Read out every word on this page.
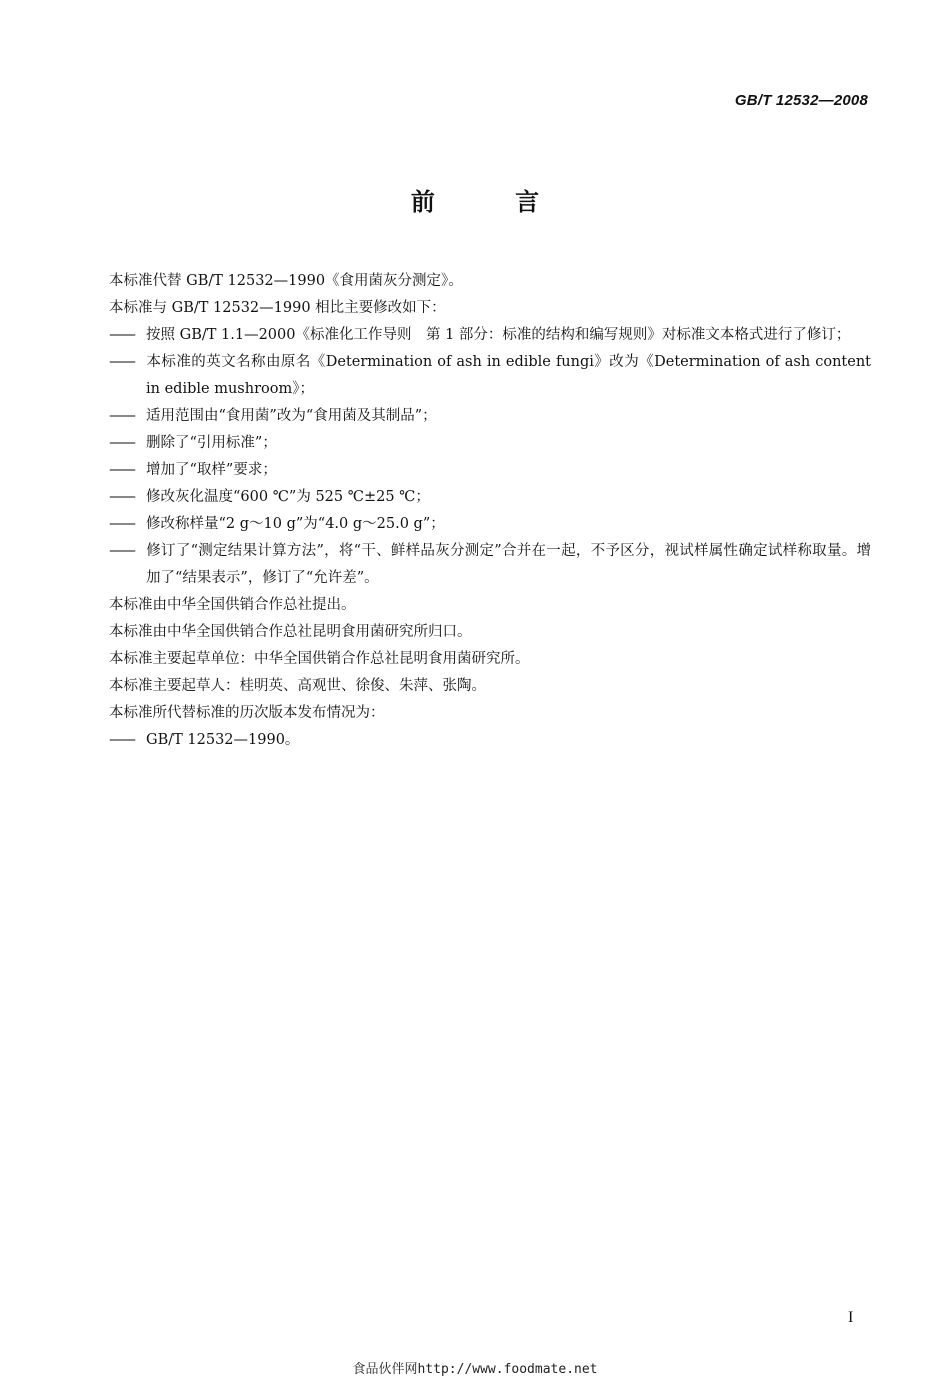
GB/T 12532—2008
前 言

本标准代替 GB/T 12532—1990《食用菌灰分测定》。

本标准与 GB/T 12532—1990 相比主要修改如下：

—— 按照 GB/T 1.1—2000《标准化工作导则　第 1 部分：标准的结构和编写规则》对标准文本格式进行了修订；

—— 本标准的英文名称由原名《Determination of ash in edible fungi》改为《Determination of ash content in edible mushroom》；

—— 适用范围由“食用菌”改为“食用菌及其制品”；

—— 删除了“引用标准”；

—— 增加了“取样”要求；

—— 修改灰化温度“600 ℃”为 525 ℃±25 ℃；

—— 修改称样量“2 g～10 g”为“4.0 g～25.0 g”；

—— 修订了“测定结果计算方法”，将“干、鲜样品灰分测定”合并在一起，不予区分，视试样属性确定试样称取量。增加了“结果表示”，修订了“允许差”。

本标准由中华全国供销合作总社提出。

本标准由中华全国供销合作总社昆明食用菌研究所归口。

本标准主要起草单位：中华全国供销合作总社昆明食用菌研究所。

本标准主要起草人：桂明英、高观世、徐俊、朱萍、张陶。

本标准所代替标准的历次版本发布情况为：

—— GB/T 12532—1990。

I
食品伙伴网http://www.foodmate.net
